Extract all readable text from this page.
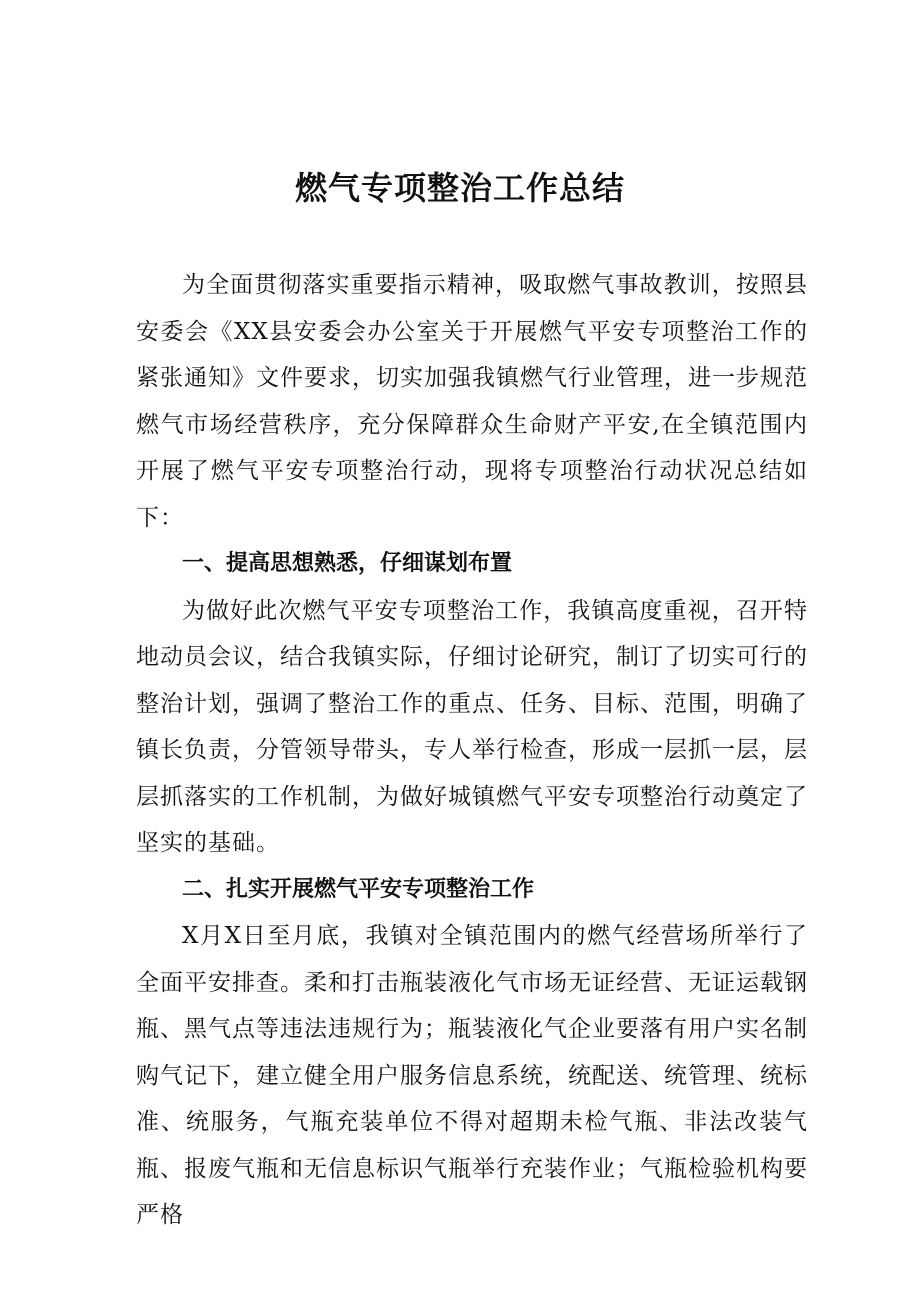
燃气专项整治工作总结

为全面贯彻落实重要指示精神，吸取燃气事故教训，按照县安委会《XX县安委会办公室关于开展燃气平安专项整治工作的紧张通知》文件要求，切实加强我镇燃气行业管理，进一步规范燃气市场经营秩序，充分保障群众生命财产平安,在全镇范围内开展了燃气平安专项整治行动，现将专项整治行动状况总结如下：

一、提高思想熟悉，仔细谋划布置

为做好此次燃气平安专项整治工作，我镇高度重视，召开特地动员会议，结合我镇实际，仔细讨论研究，制订了切实可行的整治计划，强调了整治工作的重点、任务、目标、范围，明确了镇长负责，分管领导带头，专人举行检查，形成一层抓一层，层层抓落实的工作机制，为做好城镇燃气平安专项整治行动奠定了坚实的基础。

二、扎实开展燃气平安专项整治工作

X月X日至月底，我镇对全镇范围内的燃气经营场所举行了全面平安排查。柔和打击瓶装液化气市场无证经营、无证运载钢瓶、黑气点等违法违规行为；瓶装液化气企业要落有用户实名制购气记下，建立健全用户服务信息系统，统配送、统管理、统标准、统服务，气瓶充装单位不得对超期未检气瓶、非法改装气瓶、报废气瓶和无信息标识气瓶举行充装作业；气瓶检验机构要严格
